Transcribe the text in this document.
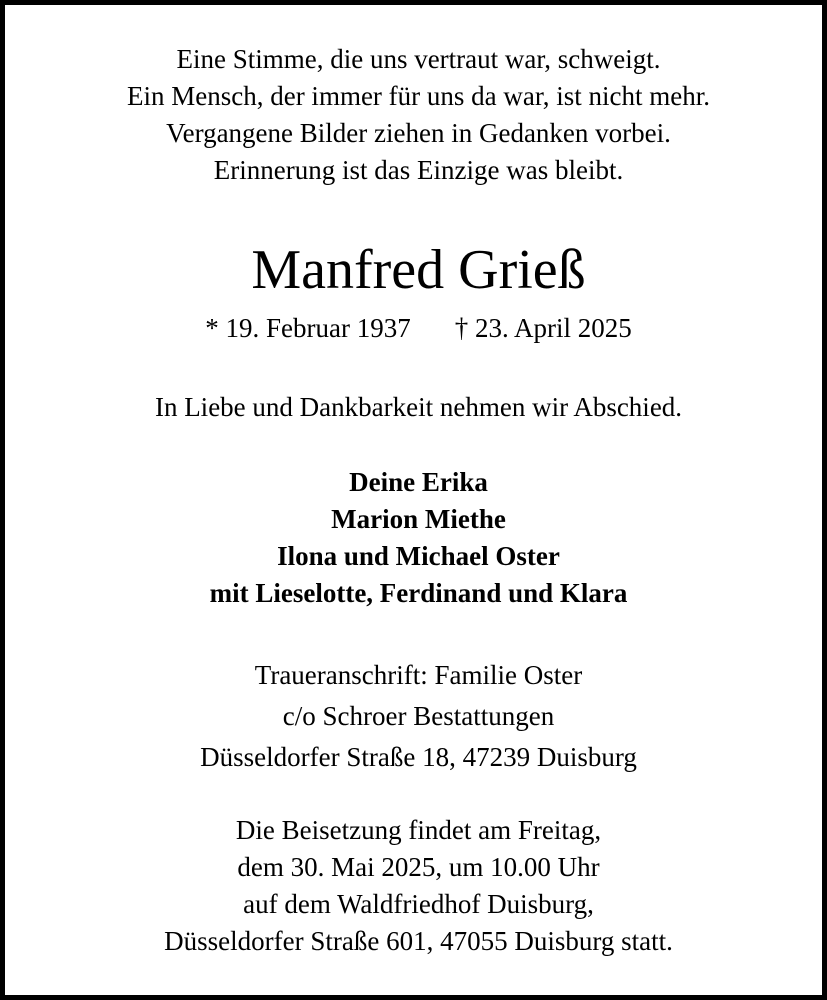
Eine Stimme, die uns vertraut war, schweigt.
Ein Mensch, der immer für uns da war, ist nicht mehr.
Vergangene Bilder ziehen in Gedanken vorbei.
Erinnerung ist das Einzige was bleibt.
Manfred Grieß
* 19. Februar 1937 † 23. April 2025
In Liebe und Dankbarkeit nehmen wir Abschied.
Deine Erika
Marion Miethe
Ilona und Michael Oster
mit Lieselotte, Ferdinand und Klara
Traueranschrift: Familie Oster
c/o Schroer Bestattungen
Düsseldorfer Straße 18, 47239 Duisburg
Die Beisetzung findet am Freitag,
dem 30. Mai 2025, um 10.00 Uhr
auf dem Waldfriedhof Duisburg,
Düsseldorfer Straße 601, 47055 Duisburg statt.
